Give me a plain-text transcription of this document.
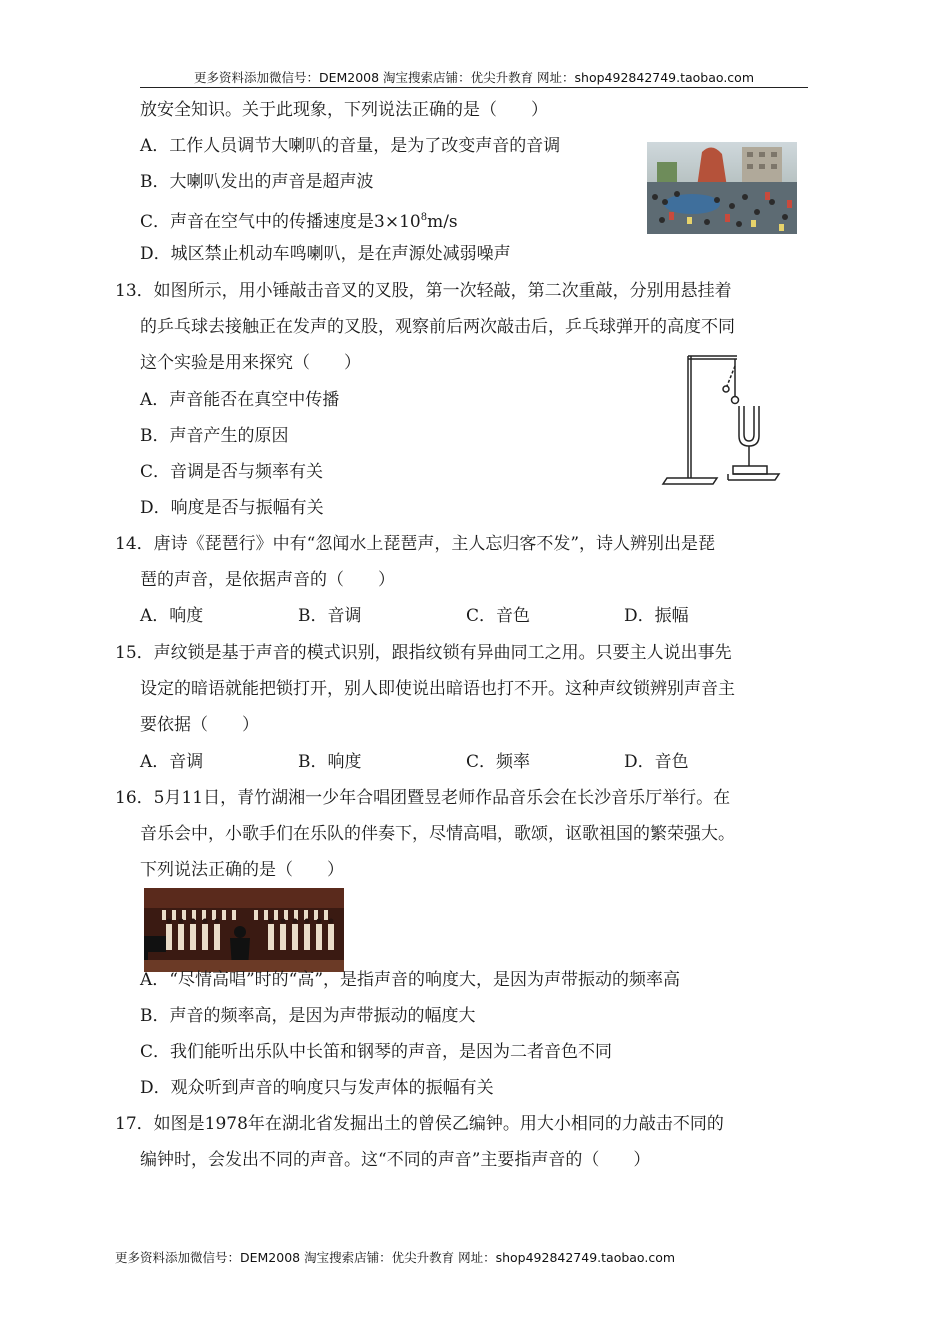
更多资料添加微信号：DEM2008 淘宝搜索店铺：优尖升教育 网址：shop492842749.taobao.com
放安全知识。关于此现象，下列说法正确的是（　　）
A．工作人员调节大喇叭的音量，是为了改变声音的音调
B．大喇叭发出的声音是超声波
C．声音在空气中的传播速度是$3\times 10^8m/s$
D．城区禁止机动车鸣喇叭，是在声源处减弱噪声
13．如图所示，用小锤敲击音叉的叉股，第一次轻敲，第二次重敲，分别用悬挂着
的乒乓球去接触正在发声的叉股，观察前后两次敲击后，乒乓球弹开的高度不同
这个实验是用来探究（　　）
A．声音能否在真空中传播
B．声音产生的原因
C．音调是否与频率有关
D．响度是否与振幅有关
14．唐诗《琵琶行》中有“忽闻水上琵琶声，主人忘归客不发”，诗人辨别出是琵
琶的声音，是依据声音的（　　）
A．响度	B．音调	C．音色	D．振幅
15．声纹锁是基于声音的模式识别，跟指纹锁有异曲同工之用。只要主人说出事先
设定的暗语就能把锁打开，别人即使说出暗语也打不开。这种声纹锁辨别声音主
要依据（　　）
A．音调	B．响度	C．频率	D．音色
16．5月11日，青竹湖湘一少年合唱团暨昱老师作品音乐会在长沙音乐厅举行。在
音乐会中，小歌手们在乐队的伴奏下，尽情高唱，歌颂，讴歌祖国的繁荣强大。
下列说法正确的是（　　）
A．“尽情高唱”时的“高”，是指声音的响度大，是因为声带振动的频率高
B．声音的频率高，是因为声带振动的幅度大
C．我们能听出乐队中长笛和钢琴的声音，是因为二者音色不同
D．观众听到声音的响度只与发声体的振幅有关
17．如图是1978年在湖北省发掘出土的曾侯乙编钟。用大小相同的力敲击不同的
编钟时，会发出不同的声音。这“不同的声音”主要指声音的（　　）
更多资料添加微信号：DEM2008 淘宝搜索店铺：优尖升教育 网址：shop492842749.taobao.com
